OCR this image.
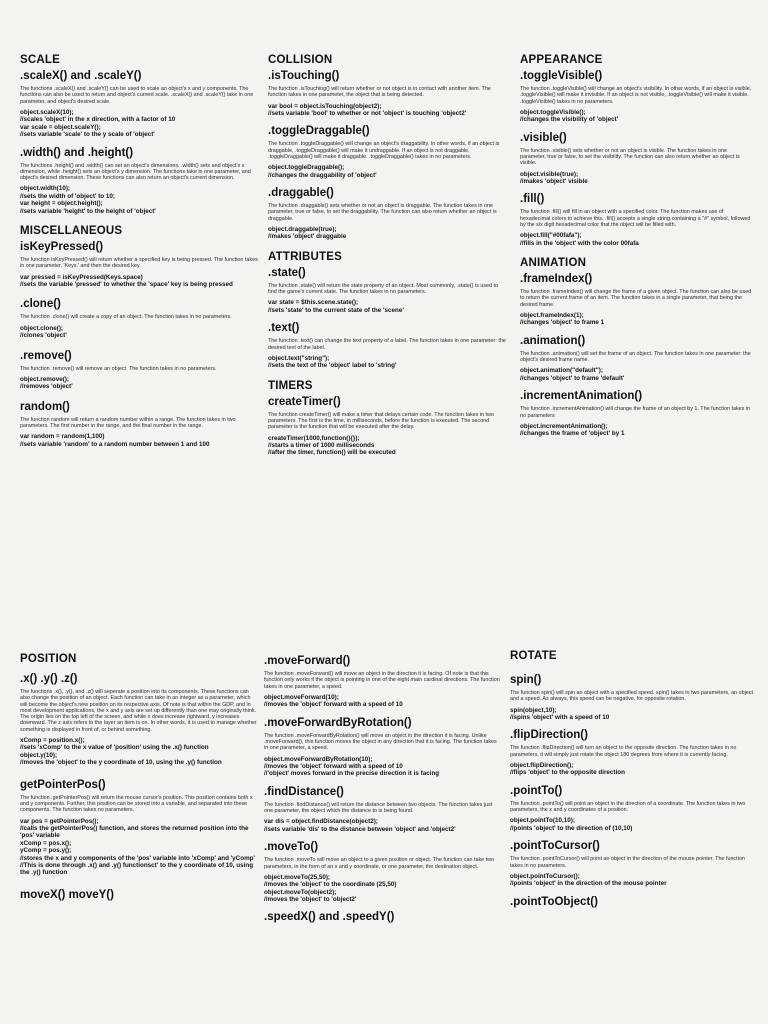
SCALE
.scaleX() and .scaleY()
The functions .scaleX() and .scaleY() can be used to scale an object's x and y components. The functions can also be used to return and object's current scale. .scaleX() and .scaleY() take in one parameter, and object's desired scale.
object.scaleX(10);
//scales 'object' in the x direction, with a factor of 10
var scale = object.scaleY();
//sets variable 'scale' to the y scale of 'object'
.width() and .height()
The functions .height() and .width() can set an object's dimensions. .width() sets and object's x dimension, while .height() sets an object's y dimension. The functions take in one parameter, and object's desired dimension. These functions can also return an object's current dimension.
object.width(10);
//sets the width of 'object' to 10;
var height = object.height();
//sets variable 'height' to the height of 'object'
MISCELLANEOUS
isKeyPressed()
The function isKeyPressed() will return whether a specified key is being pressed. The function takes in one parameter, 'Keys.' and then the desired key.
var pressed = isKeyPressed(Keys.space)
//sets the variable 'pressed' to whether the 'space' key is being pressed
.clone()
The function .clone() will create a copy of an object. The function takes in no parameters.
object.clone();
//clones 'object'
.remove()
The function .remove() will remove an object. The function takes in no parameters.
object.remove();
//removes 'object'
random()
The function random will return a random number within a range. The function takes in two parameters. The first number in the range, and the final number in the range.
var random = random(1,100)
//sets variable 'random' to a random number between 1 and 100
COLLISION
.isTouching()
The function .isTouching() will return whether or not object is in contact with another item. The function takes in one parameter, the object that is being detected.
var bool = object.isTouching(object2);
//sets variable 'bool' to whether or not 'object' is touching 'object2'
.toggleDraggable()
The function .toggleDraggable() will change an object's draggability. In other words, if an object is draggable, .toggleDraggable() will make it undraggable. If an object is not draggable, .toggleDraggable() will make it draggable. .toggleDraggable() takes in no parameters.
object.toggleDraggable();
//changes the draggability of 'object'
.draggable()
The function .draggable() sets whether or not an object is draggable. The function takes in one parameter, true or false, to set the draggability. The function can also return whether an object is draggable.
object.draggable(true);
//makes 'object' draggable
ATTRIBUTES
.state()
The function .state() will return the state property of an object. Most commonly, .state() is used to find the game's current state. The function takes in no parameters.
var state = $this.scene.state();
//sets 'state' to the current state of the 'scene'
.text()
The function .text() can change the text property of a label. The function takes in one parameter: the desired text of the label.
object.text("string");
//sets the text of the 'object' label to 'string'
TIMERS
createTimer()
The function createTimer() will make a timer that delays certain code. The function takes in two parameters. The first is the time, in milliseconds, before the function is executed. The second parameter is the function that will be executed after the delay.
createTimer(1000,function(){});
//starts a timer of 1000 milliseconds
//after the timer, function() will be executed
APPEARANCE
.toggleVisible()
The function .toggleVisible() will change an object's visibility. In other words, if an object is visible, .toggleVisible() will make it invisible. If an object is not visible, .toggleVisible() will make it visible. .toggleVisible() takes in no parameters.
object.toggleVisible();
//changes the visibility of 'object'
.visible()
The function .visible() sets whether or not an object is visible. The function takes in one parameter, true or false, to set the visibility. The function can also return whether an object is visible.
object.visible(true);
//makes 'object' visible
.fill()
The function .fill() will fill in an object with a specified color. The function makes use of hexadecimal colors to achieve this. .fill() accepts a single string containing a "#" symbol, followed by the six digit hexadecimal color that the object will be filled with.
object.fill("#00fafa");
//fills in the 'object' with the color 00fafa
ANIMATION
.frameIndex()
The function .frameIndex() will change the frame of a given object. The function can also be used to return the current frame of an item. The function takes in a single parameter, that being the desired frame.
object.frameIndex(1);
//changes 'object' to frame 1
.animation()
The function .animation() will set the frame of an object. The function takes in one parameter: the object's desired frame name.
object.animation("default");
//changes 'object' to frame 'default'
.incrementAnimation()
The function .incrementAnimation() will change the frame of an object by 1. The function takes in no parameters
object.incrementAnimation();
//changes the frame of 'object' by 1
POSITION
.x() .y() .z()
The functions .x(), .y(), and .z() will seperate a position into its components. These functions can also change the position of an object. Each function can take in an integer as a parameter, which will become the object's new position on its respective axis. Of note is that within the GDP, and in most development applications, the x and y axis are set up differently than one may originally think. The origin lies on the top left of the screen, and while x does increase rightward, y increases downward. The z axis refers to the layer an item is on. In other words, it is used to manage whether something is displayed in front of, or behind something.
xComp = position.x();
//sets 'xComp' to the x value of 'position' using the .x() function
object.y(10);
//moves the 'object' to the y coordinate of 10, using the .y() function
getPointerPos()
The function .getPointerPos() will return the mouse cursor's position. This position contains both x and y components. Further, this position can be stored into a variable, and separated into these components. The function takes no parameters.
var pos = getPointerPos();
//calls the getPointerPos() function, and stores the returned position into the 'pos' variable
xComp = pos.x();
yComp = pos.y();
//stores the x and y components of the 'pos' variable into 'xComp' and 'yComp'
//This is done through .x() and .y() functionsct' to the y coordinate of 10, using the .y() function
moveX() moveY()
.moveForward()
The function .moveForward() will move an object in the direction it is facing. Of note is that this function only works if the object is pointing in one of the eight main cardinal directions. The function takes in one parameter, a speed.
object.moveForward(10);
//moves the 'object' forward with a speed of 10
.moveForwardByRotation()
The function .moveForwardByRotation() will move an object in the direction it is facing. Unlike .moveForward(), this function moves the object in any direction that it is facing. The function takes in one parameter, a speed.
object.moveForwardByRotation(10);
//moves the 'object' forward with a speed of 10
//'object' moves forward in the precise direction it is facing
.findDistance()
The function .findDistance() will return the distance between two objects. The function takes just one parameter, the object which the distance to is being found.
var dis = object.findDistance(object2);
//sets variable 'dis' to the distance between 'object' and 'object2'
.moveTo()
The function .moveTo will move an object to a given position or object. The function can take two parameters, in the form of an x and y coordinate, or one parameter, the destination object.
object.moveTo(25,50);
//moves the 'object' to the coordinate (25,50)
object.moveTo(object2);
//moves the 'object' to 'object2'
.speedX() and .speedY()
ROTATE
spin()
The function spin() will spin an object with a specified speed. spin() takes in two parameters, an object and a speed. As always, this speed can be negative, for opposite rotation.
spin(object,10);
//spins 'object' with a speed of 10
.flipDirection()
The function .flipDirection() will turn an object to the opposite direction. The function takes in no parameters, it will simply just rotate the object 180 degrees from where it is currently facing.
object.flipDirection();
//flips 'object' to the opposite direction
.pointTo()
The function .pointTo() will point an object in the direction of a coordinate. The function takes in two parameters, the x and y coordinates of a position.
object.pointTo(10,10);
//points 'object' to the direction of (10,10)
.pointToCursor()
The function .pointToCursor() will point an object in the direction of the mouse pointer. The function takes in no parameters.
object.pointToCursor();
//points 'object' in the direction of the mouse pointer
.pointToObject()
